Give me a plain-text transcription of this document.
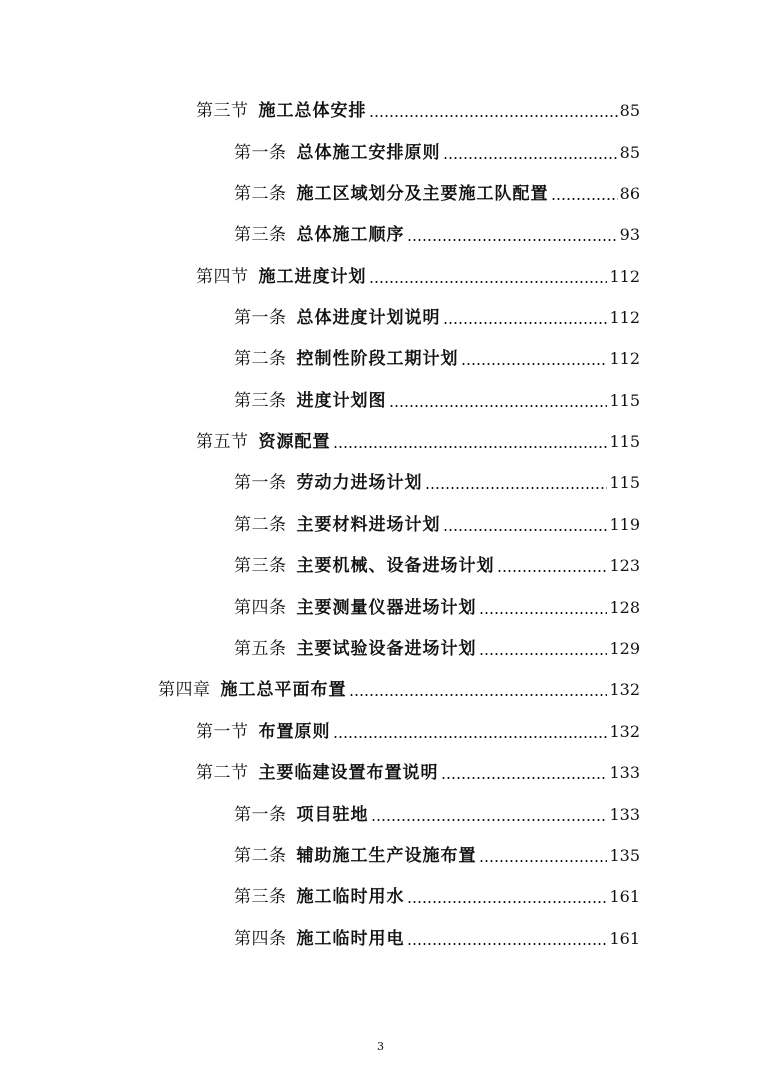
第三节 施工总体安排	85
第一条 总体施工安排原则	85
第二条 施工区域划分及主要施工队配置	86
第三条 总体施工顺序	93
第四节 施工进度计划	112
第一条 总体进度计划说明	112
第二条 控制性阶段工期计划	112
第三条 进度计划图	115
第五节 资源配置	115
第一条 劳动力进场计划	115
第二条 主要材料进场计划	119
第三条 主要机械、设备进场计划	123
第四条 主要测量仪器进场计划	128
第五条 主要试验设备进场计划	129
第四章 施工总平面布置	132
第一节 布置原则	132
第二节 主要临建设置布置说明	133
第一条 项目驻地	133
第二条 辅助施工生产设施布置	135
第三条 施工临时用水	161
第四条 施工临时用电	161
3
